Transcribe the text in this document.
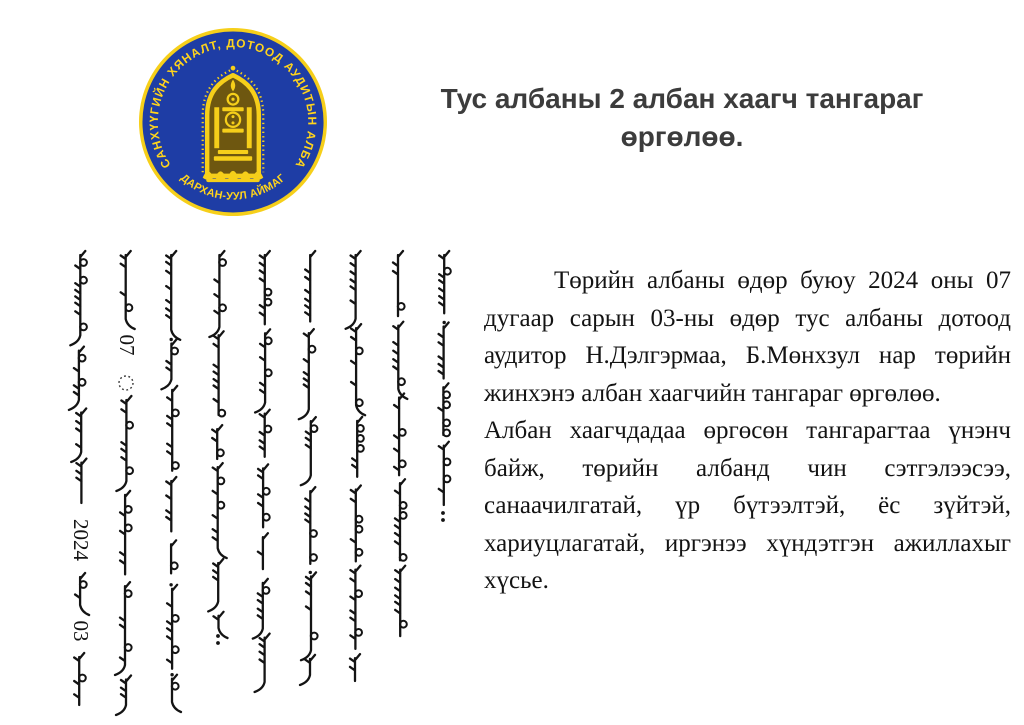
САНХҮҮГИЙН ХЯНАЛТ, ДОТООД АУДИТЫН АЛБА
ДАРХАН-УУЛ АЙМАГ
Тус албаны 2 албан хаагч тангараг өргөлөө.
2024
03
07

Төрийн албаны өдөр буюу 2024 оны 07 дугаар сарын 03-ны өдөр тус албаны дотоод аудитор Н.Дэлгэрмаа, Б.Мөнхзул нар төрийн жинхэнэ албан хаагчийн тангараг өргөлөө.

Албан хаагчдадаа өргөсөн тангарагтаа үнэнч байж, төрийн албанд чин сэтгэлээсээ, санаачилгатай, үр бүтээлтэй, ёс зүйтэй, хариуцлагатай, иргэнээ хүндэтгэн ажиллахыг хүсье.
